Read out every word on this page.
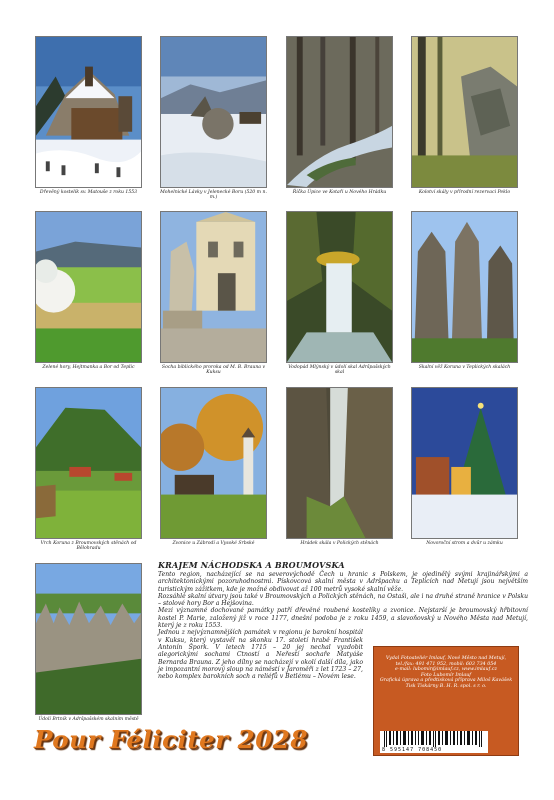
Dřevěný kostelík sv. Matouše z roku 1553	Mohelnické Lávky v Jelenecké Boru (520 m n. m.)
Říčka Úpice ve Kotaři u Nového Hrádku	Kolotví skály v přírodní rezervaci Peklo
Zelené hory, Hejtmanka a Bor od Teplic	Socha biblického proroka od M. B. Brauna v Kuksu
Vodopád Mlýnský v údolí skal Adršpašských skal
Skalní věž Koruna v Teplických skalách
Vrch Koruna z Broumovských stěnách od Bělohradu
Zvonice u Zábrodí a Vysoké Srbské	Hrádek skála v Polických stěnách	Novoroční strom a dvůr u zámku
Údolí Brtník v Adršpašském skalním městě
KRAJEM NÁCHODSKA A BROUMOVSKA

Tento region, nacházející se na severovýchodě Čech u hranic s Polskem, je ojedinělý svými krajinářskými a architektonickými pozoruhodnostmi. Pískovcová skalní města v Adršpachu a Teplicích nad Metují jsou největším turistickým zážitkem, kde je možné obdivovat až 100 metrů vysoké skalní věže.

Rozsáhlé skalní útvary jsou také v Broumovských a Polických stěnách, na Ostaši, ale i na druhé straně hranice v Polsku – stolové hory Bor a Hejšovina.

Mezi významné dochované památky patří dřevěné roubené kostelíky a zvonice. Nejstarší je broumovský hřbitovní kostel P. Marie, založený již v roce 1177, dnešní podoba je z roku 1459, a slavoňovský u Nového Města nad Metují, který je z roku 1553.

Jednou z nejvýznamnějších památek v regionu je barokní hospitál v Kuksu, který vystavěl na skonku 17. století hrabě František Antonín Špork. V letech 1715 – 20 jej nechal vyzdobit alegorickými sochami Ctností a Neřestí sochaře Matyáše Bernarda Brauna. Z jeho dílny se nacházejí v okolí další díla, jako je impozantní morový sloup na náměstí v Jaroměři z let 1723 – 27, nebo komplex barokních soch a reliéfů v Betlému – Novém lese.

Vydal Fotoateliér Imlauf, Nové Město nad Metují,
tel./fax: 491 471 952, mobil: 603 734 054
e-mail: lubomir@imlauf.cz, www.imlauf.cz
Foto Lubomír Imlauf
Grafická úprava a předtisková příprava Miloš Kavášek
Tisk Tiskárny B. H. R. spol. s r. o.
8 595147 708450
Pour Féliciter 2028
